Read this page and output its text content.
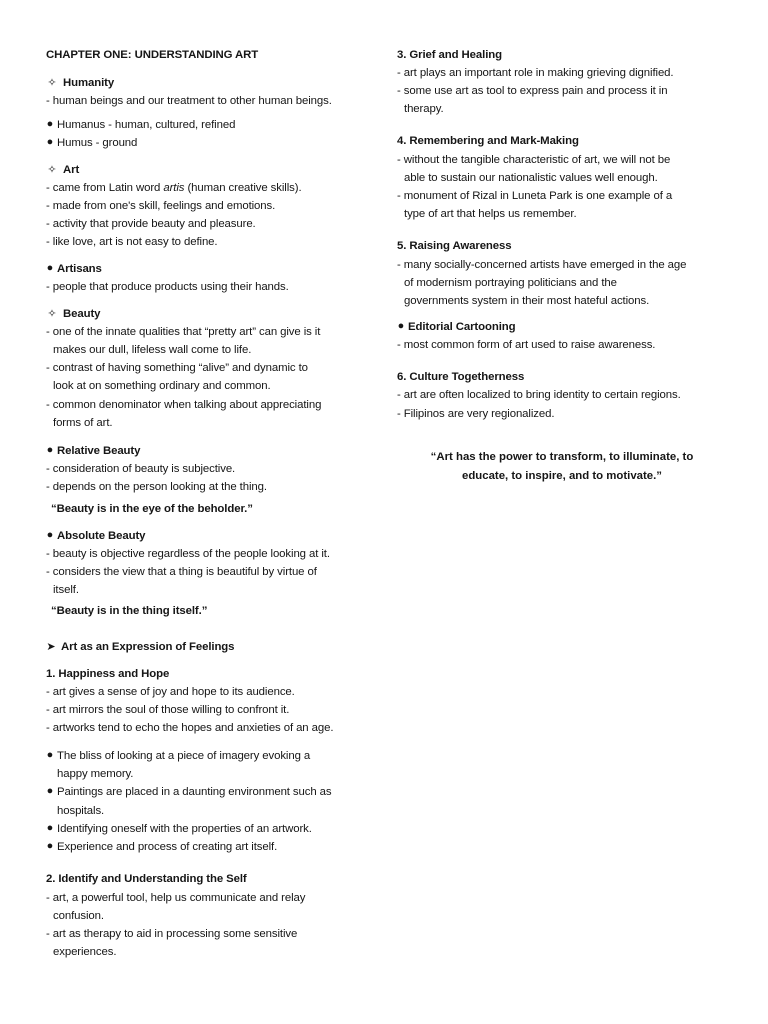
CHAPTER ONE: UNDERSTANDING ART
✧ Humanity
- human beings and our treatment to other human beings.
● Humanus - human, cultured, refined
● Humus - ground
✧ Art
- came from Latin word artis (human creative skills).
- made from one's skill, feelings and emotions.
- activity that provide beauty and pleasure.
- like love, art is not easy to define.
● Artisans
- people that produce products using their hands.
✧ Beauty
- one of the innate qualities that “pretty art” can give is it
makes our dull, lifeless wall come to life.
- contrast of having something “alive” and dynamic to
look at on something ordinary and common.
- common denominator when talking about appreciating
forms of art.
● Relative Beauty
- consideration of beauty is subjective.
- depends on the person looking at the thing.
“Beauty is in the eye of the beholder.”
● Absolute Beauty
- beauty is objective regardless of the people looking at it.
- considers the view that a thing is beautiful by virtue of
itself.
“Beauty is in the thing itself.”
➤ Art as an Expression of Feelings
1. Happiness and Hope
- art gives a sense of joy and hope to its audience.
- art mirrors the soul of those willing to confront it.
- artworks tend to echo the hopes and anxieties of an age.
● The bliss of looking at a piece of imagery evoking a
happy memory.
● Paintings are placed in a daunting environment such as
hospitals.
● Identifying oneself with the properties of an artwork.
● Experience and process of creating art itself.
2. Identify and Understanding the Self
- art, a powerful tool, help us communicate and relay
confusion.
- art as therapy to aid in processing some sensitive
experiences.
3. Grief and Healing
- art plays an important role in making grieving dignified.
- some use art as tool to express pain and process it in
therapy.
4. Remembering and Mark-Making
- without the tangible characteristic of art, we will not be
able to sustain our nationalistic values well enough.
- monument of Rizal in Luneta Park is one example of a
type of art that helps us remember.
5. Raising Awareness
- many socially-concerned artists have emerged in the age
of modernism portraying politicians and the
governments system in their most hateful actions.
● Editorial Cartooning
- most common form of art used to raise awareness.
6. Culture Togetherness
- art are often localized to bring identity to certain regions.
- Filipinos are very regionalized.
“Art has the power to transform, to illuminate, to
educate, to inspire, and to motivate.”
